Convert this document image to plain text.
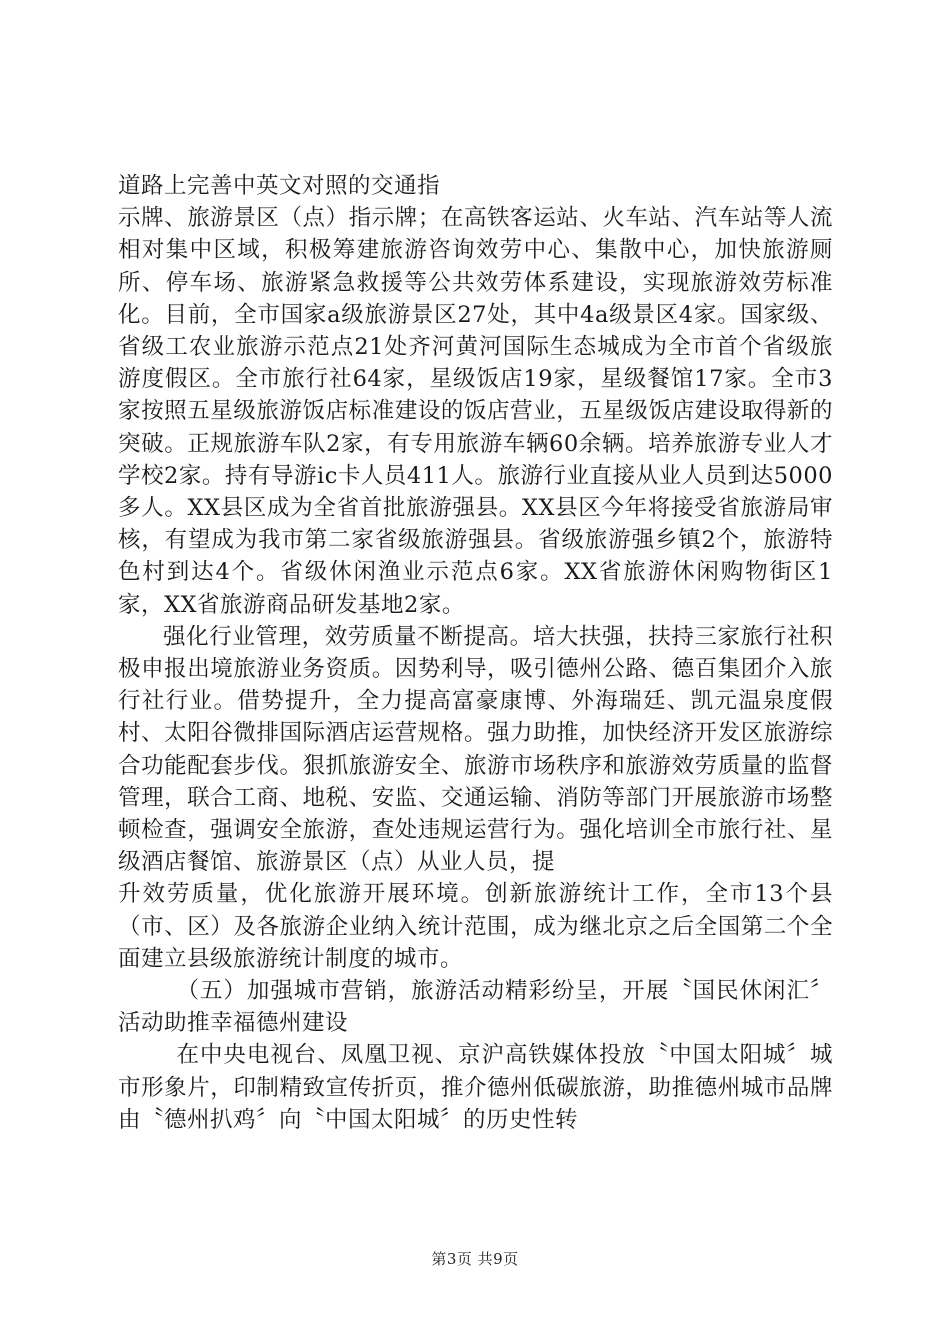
道路上完善中英文对照的交通指

示牌、旅游景区（点）指示牌；在高铁客运站、火车站、汽车站等人流相对集中区域，积极筹建旅游咨询效劳中心、集散中心，加快旅游厕所、停车场、旅游紧急救援等公共效劳体系建设，实现旅游效劳标准化。目前，全市国家a级旅游景区27处，其中4a级景区4家。国家级、省级工农业旅游示范点21处齐河黄河国际生态城成为全市首个省级旅游度假区。全市旅行社64家，星级饭店19家，星级餐馆17家。全市3家按照五星级旅游饭店标准建设的饭店营业，五星级饭店建设取得新的突破。正规旅游车队2家，有专用旅游车辆60余辆。培养旅游专业人才学校2家。持有导游ic卡人员411人。旅游行业直接从业人员到达5000多人。XX县区成为全省首批旅游强县。XX县区今年将接受省旅游局审核，有望成为我市第二家省级旅游强县。省级旅游强乡镇2个，旅游特色村到达4个。省级休闲渔业示范点6家。XX省旅游休闲购物街区1家，XX省旅游商品研发基地2家。

强化行业管理，效劳质量不断提高。培大扶强，扶持三家旅行社积极申报出境旅游业务资质。因势利导，吸引德州公路、德百集团介入旅行社行业。借势提升，全力提高富豪康博、外海瑞廷、凯元温泉度假村、太阳谷微排国际酒店运营规格。强力助推，加快经济开发区旅游综合功能配套步伐。狠抓旅游安全、旅游市场秩序和旅游效劳质量的监督管理，联合工商、地税、安监、交通运输、消防等部门开展旅游市场整顿检查，强调安全旅游，查处违规运营行为。强化培训全市旅行社、星级酒店餐馆、旅游景区（点）从业人员，提

升效劳质量，优化旅游开展环境。创新旅游统计工作，全市13个县（市、区）及各旅游企业纳入统计范围，成为继北京之后全国第二个全面建立县级旅游统计制度的城市。

（五）加强城市营销，旅游活动精彩纷呈，开展〝国民休闲汇〞活动助推幸福德州建设

在中央电视台、凤凰卫视、京沪高铁媒体投放〝中国太阳城〞城市形象片，印制精致宣传折页，推介德州低碳旅游，助推德州城市品牌由〝德州扒鸡〞向〝中国太阳城〞的历史性转

第3页 共9页
